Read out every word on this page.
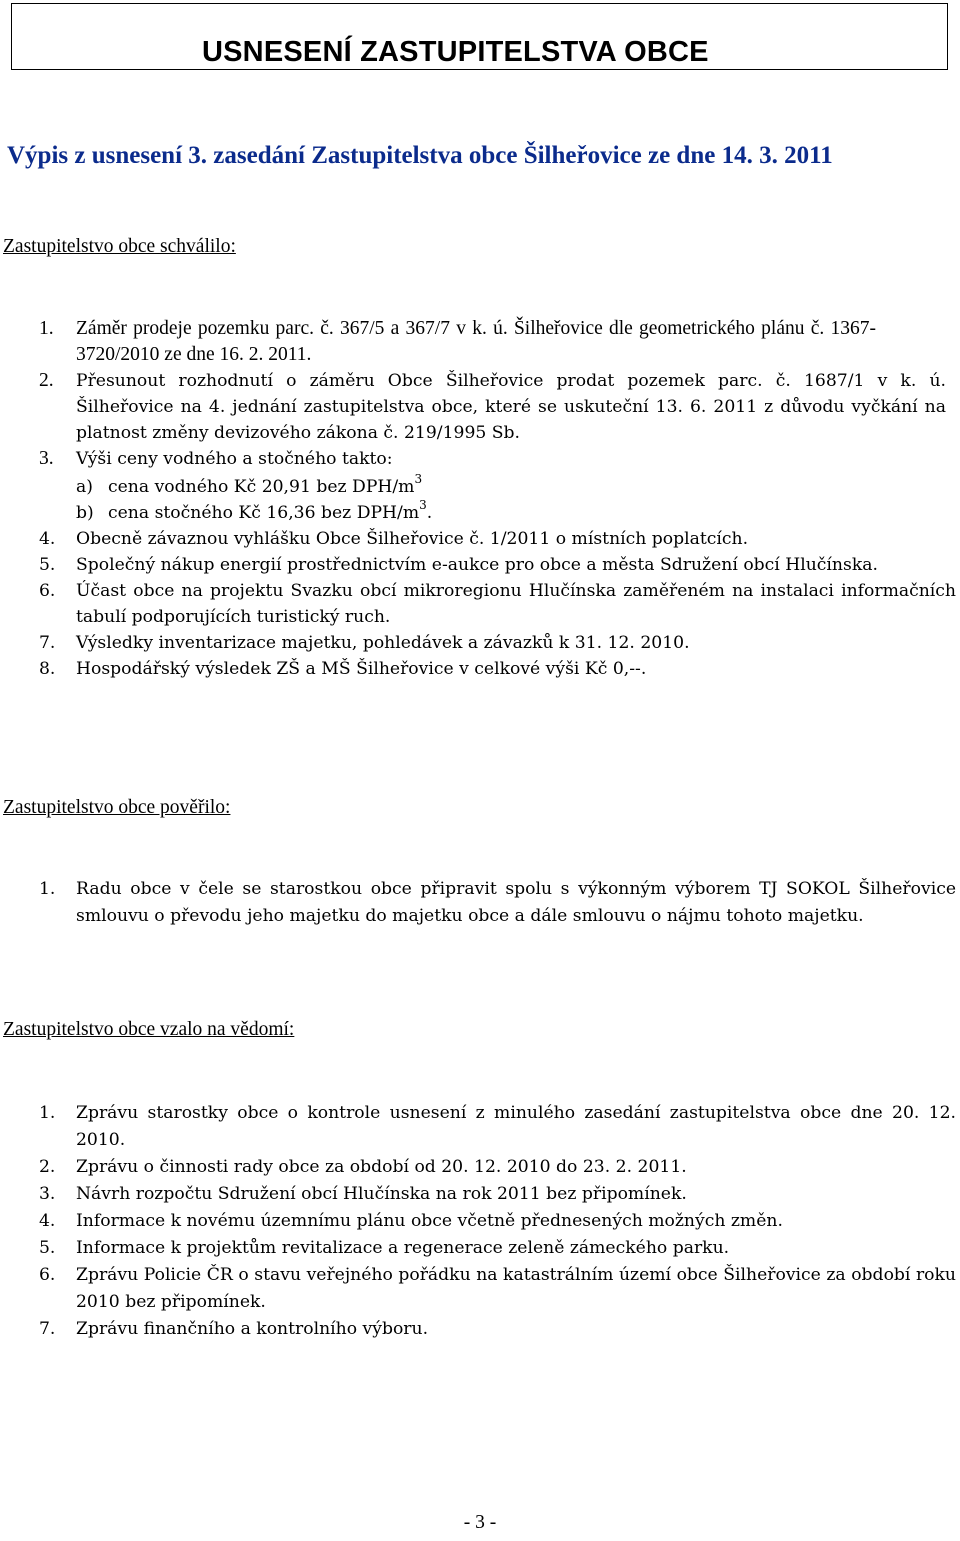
USNESENÍ ZASTUPITELSTVA OBCE
Výpis z usnesení 3. zasedání Zastupitelstva obce Šilheřovice ze dne 14. 3. 2011
Zastupitelstvo obce schválilo:
1. Záměr prodeje pozemku parc. č. 367/5 a 367/7 v k. ú. Šilheřovice dle geometrického plánu č. 1367-3720/2010 ze dne 16. 2. 2011.
2. Přesunout rozhodnutí o záměru Obce Šilheřovice prodat pozemek parc. č. 1687/1 v k. ú. Šilheřovice na 4. jednání zastupitelstva obce, které se uskuteční 13. 6. 2011 z důvodu vyčkání na platnost změny devizového zákona č. 219/1995 Sb.
3. Výši ceny vodného a stočného takto:
a) cena vodného Kč 20,91 bez DPH/$m^3$
b) cena stočného Kč 16,36 bez DPH/$m^3$.
4. Obecně závaznou vyhlášku Obce Šilheřovice č. 1/2011 o místních poplatcích.
5. Společný nákup energií prostřednictvím e-aukce pro obce a města Sdružení obcí Hlučínska.
6. Účast obce na projektu Svazku obcí mikroregionu Hlučínska zaměřeném na instalaci informačních tabulí podporujících turistický ruch.
7. Výsledky inventarizace majetku, pohledávek a závazků k 31. 12. 2010.
8. Hospodářský výsledek ZŠ a MŠ Šilheřovice v celkové výši Kč 0,--.
Zastupitelstvo obce pověřilo:
1. Radu obce v čele se starostkou obce připravit spolu s výkonným výborem TJ SOKOL Šilheřovice smlouvu o převodu jeho majetku do majetku obce a dále smlouvu o nájmu tohoto majetku.
Zastupitelstvo obce vzalo na vědomí:
1. Zprávu starostky obce o kontrole usnesení z minulého zasedání zastupitelstva obce dne 20. 12. 2010.
2. Zprávu o činnosti rady obce za období od 20. 12. 2010 do 23. 2. 2011.
3. Návrh rozpočtu Sdružení obcí Hlučínska na rok 2011 bez připomínek.
4. Informace k novému územnímu plánu obce včetně přednesených možných změn.
5. Informace k projektům revitalizace a regenerace zeleně zámeckého parku.
6. Zprávu Policie ČR o stavu veřejného pořádku na katastrálním území obce Šilheřovice za období roku 2010 bez připomínek.
7. Zprávu finančního a kontrolního výboru.
- 3 -
